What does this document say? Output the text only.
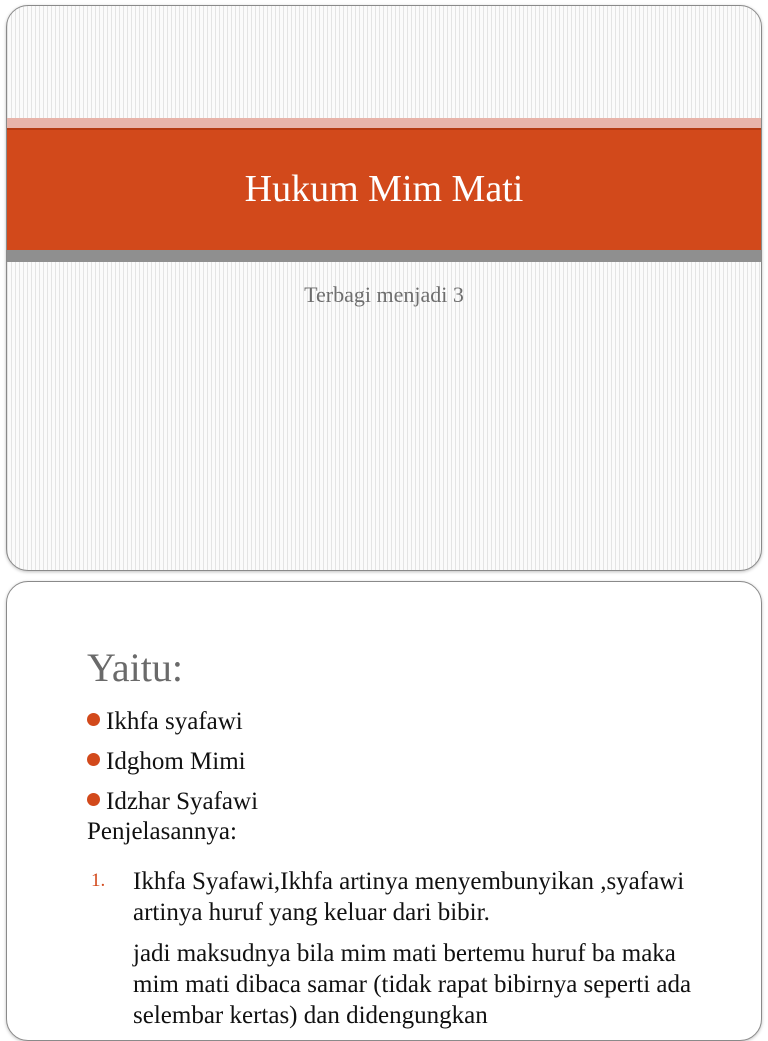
Hukum Mim Mati
Terbagi menjadi 3
Yaitu:
Ikhfa syafawi
Idghom Mimi
Idzhar Syafawi
Penjelasannya:
1. Ikhfa Syafawi,Ikhfa artinya menyembunyikan ,syafawi artinya huruf yang keluar dari bibir.
jadi maksudnya bila mim mati bertemu huruf ba maka mim mati dibaca samar (tidak rapat bibirnya seperti ada selembar kertas) dan didengungkan
